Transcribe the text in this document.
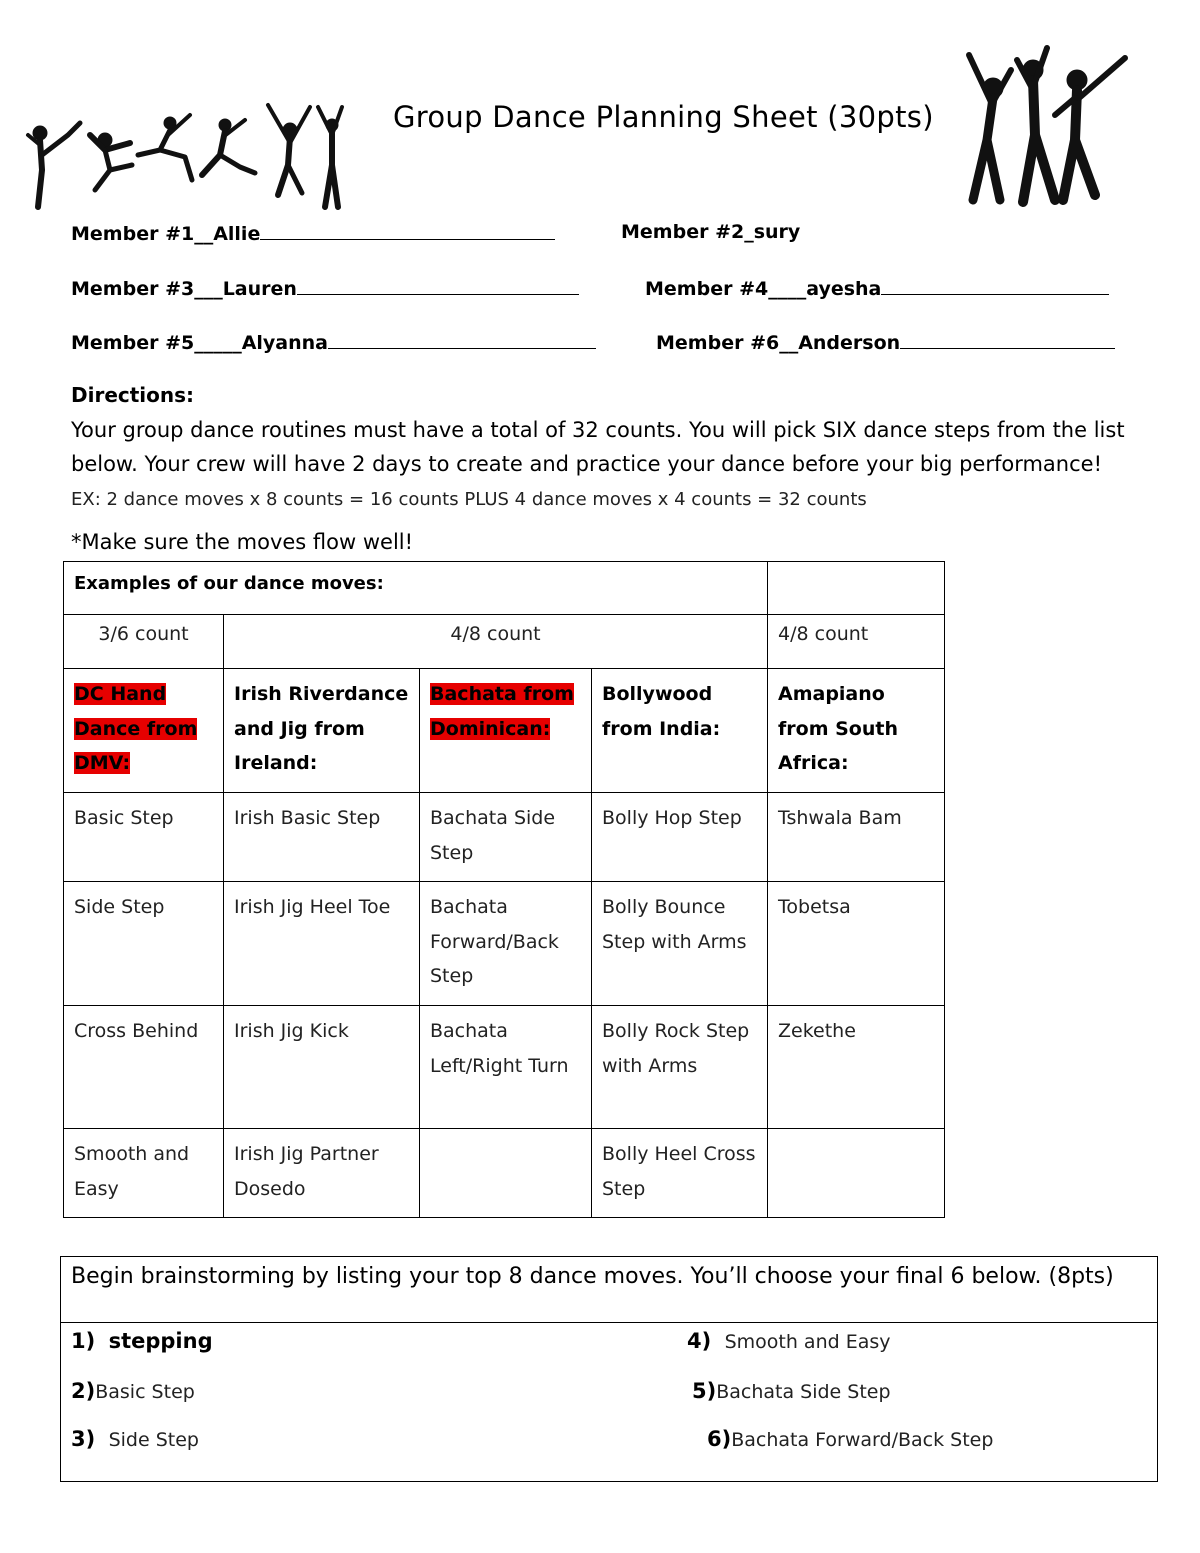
Group Dance Planning Sheet (30pts)
Member #1__Allie	Member #2_sury
Member #3___Lauren	Member #4____ayesha
Member #5_____Alyanna	Member #6__Anderson
Directions:
Your group dance routines must have a total of 32 counts. You will pick SIX dance steps from the list below. Your crew will have 2 days to create and practice your dance before your big performance! EX: 2 dance moves x 8 counts = 16 counts PLUS 4 dance moves x 4 counts = 32 counts
*Make sure the moves flow well!
Examples of our dance moves:				
3/6 count	4/8 count			4/8 count
DC Hand Dance from DMV:	Irish Riverdance and Jig from Ireland:	Bachata from Dominican:	Bollywood from India:	Amapiano from South Africa:
Basic Step	Irish Basic Step	Bachata Side Step	Bolly Hop Step	Tshwala Bam
Side Step	Irish Jig Heel Toe	Bachata Forward/Back Step	Bolly Bounce Step with Arms	Tobetsa
Cross Behind	Irish Jig Kick	Bachata Left/Right Turn	Bolly Rock Step with Arms	Zekethe
Smooth and Easy	Irish Jig Partner Dosedo		Bolly Heel Cross Step	
Begin brainstorming by listing your top 8 dance moves. You’ll choose your final 6 below. (8pts)
1) stepping
2)Basic Step
3) Side Step
4) Smooth and Easy
5)Bachata Side Step
6)Bachata Forward/Back Step
